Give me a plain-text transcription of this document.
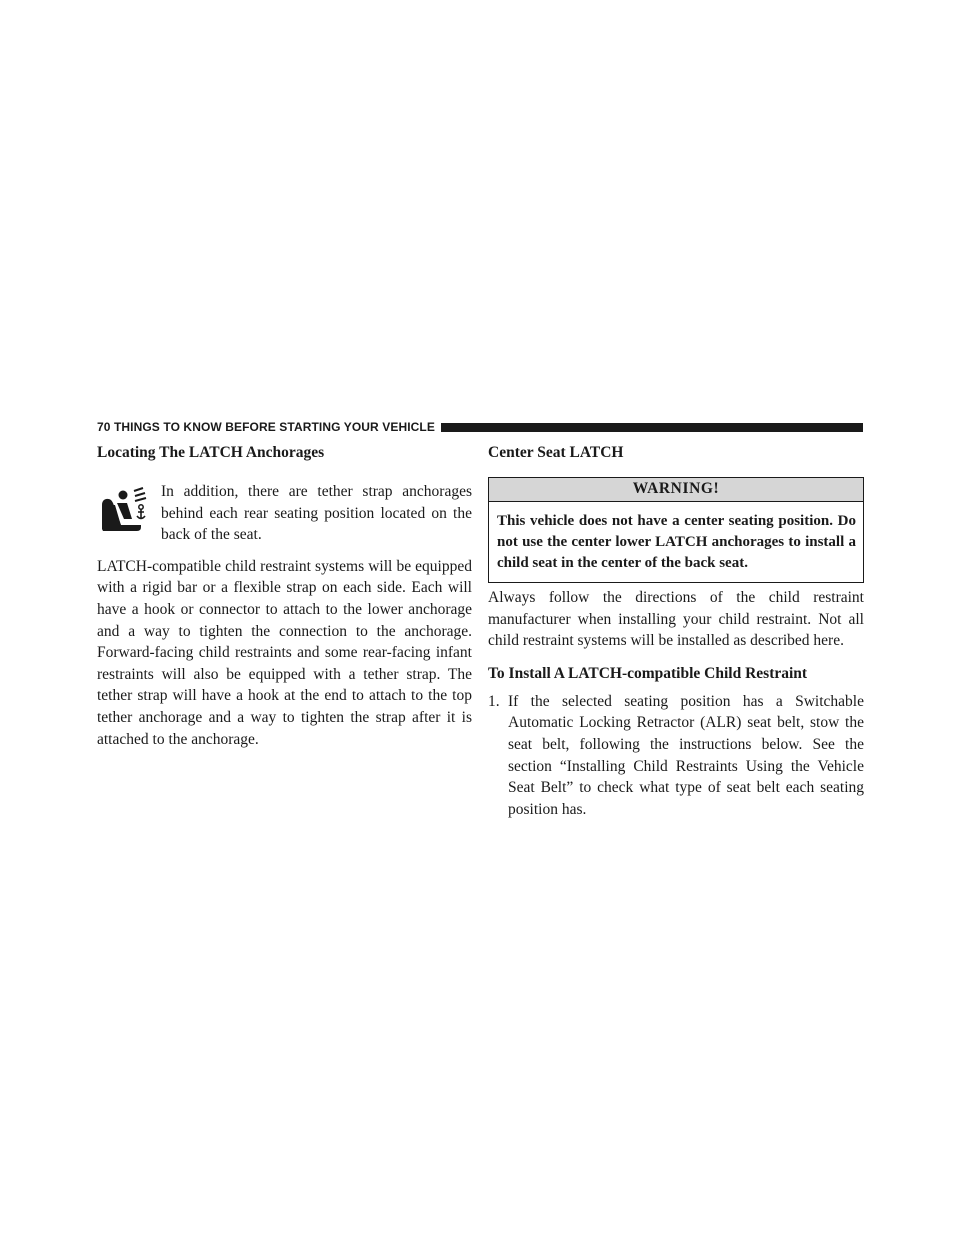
70 THINGS TO KNOW BEFORE STARTING YOUR VEHICLE
Locating The LATCH Anchorages

In addition, there are tether strap anchorages behind each rear seating position located on the back of the seat.

LATCH-compatible child restraint systems will be equipped with a rigid bar or a flexible strap on each side. Each will have a hook or connector to attach to the lower anchorage and a way to tighten the connection to the anchorage. Forward-facing child restraints and some rear-facing infant restraints will also be equipped with a tether strap. The tether strap will have a hook at the end to attach to the top tether anchorage and a way to tighten the strap after it is attached to the anchorage.

Center Seat LATCH
WARNING!
This vehicle does not have a center seating position. Do not use the center lower LATCH anchorages to install a child seat in the center of the back seat.

Always follow the directions of the child restraint manufacturer when installing your child restraint. Not all child restraint systems will be installed as described here.

To Install A LATCH-compatible Child Restraint
1. If the selected seating position has a Switchable Automatic Locking Retractor (ALR) seat belt, stow the seat belt, following the instructions below. See the section “Installing Child Restraints Using the Vehicle Seat Belt” to check what type of seat belt each seating position has.
